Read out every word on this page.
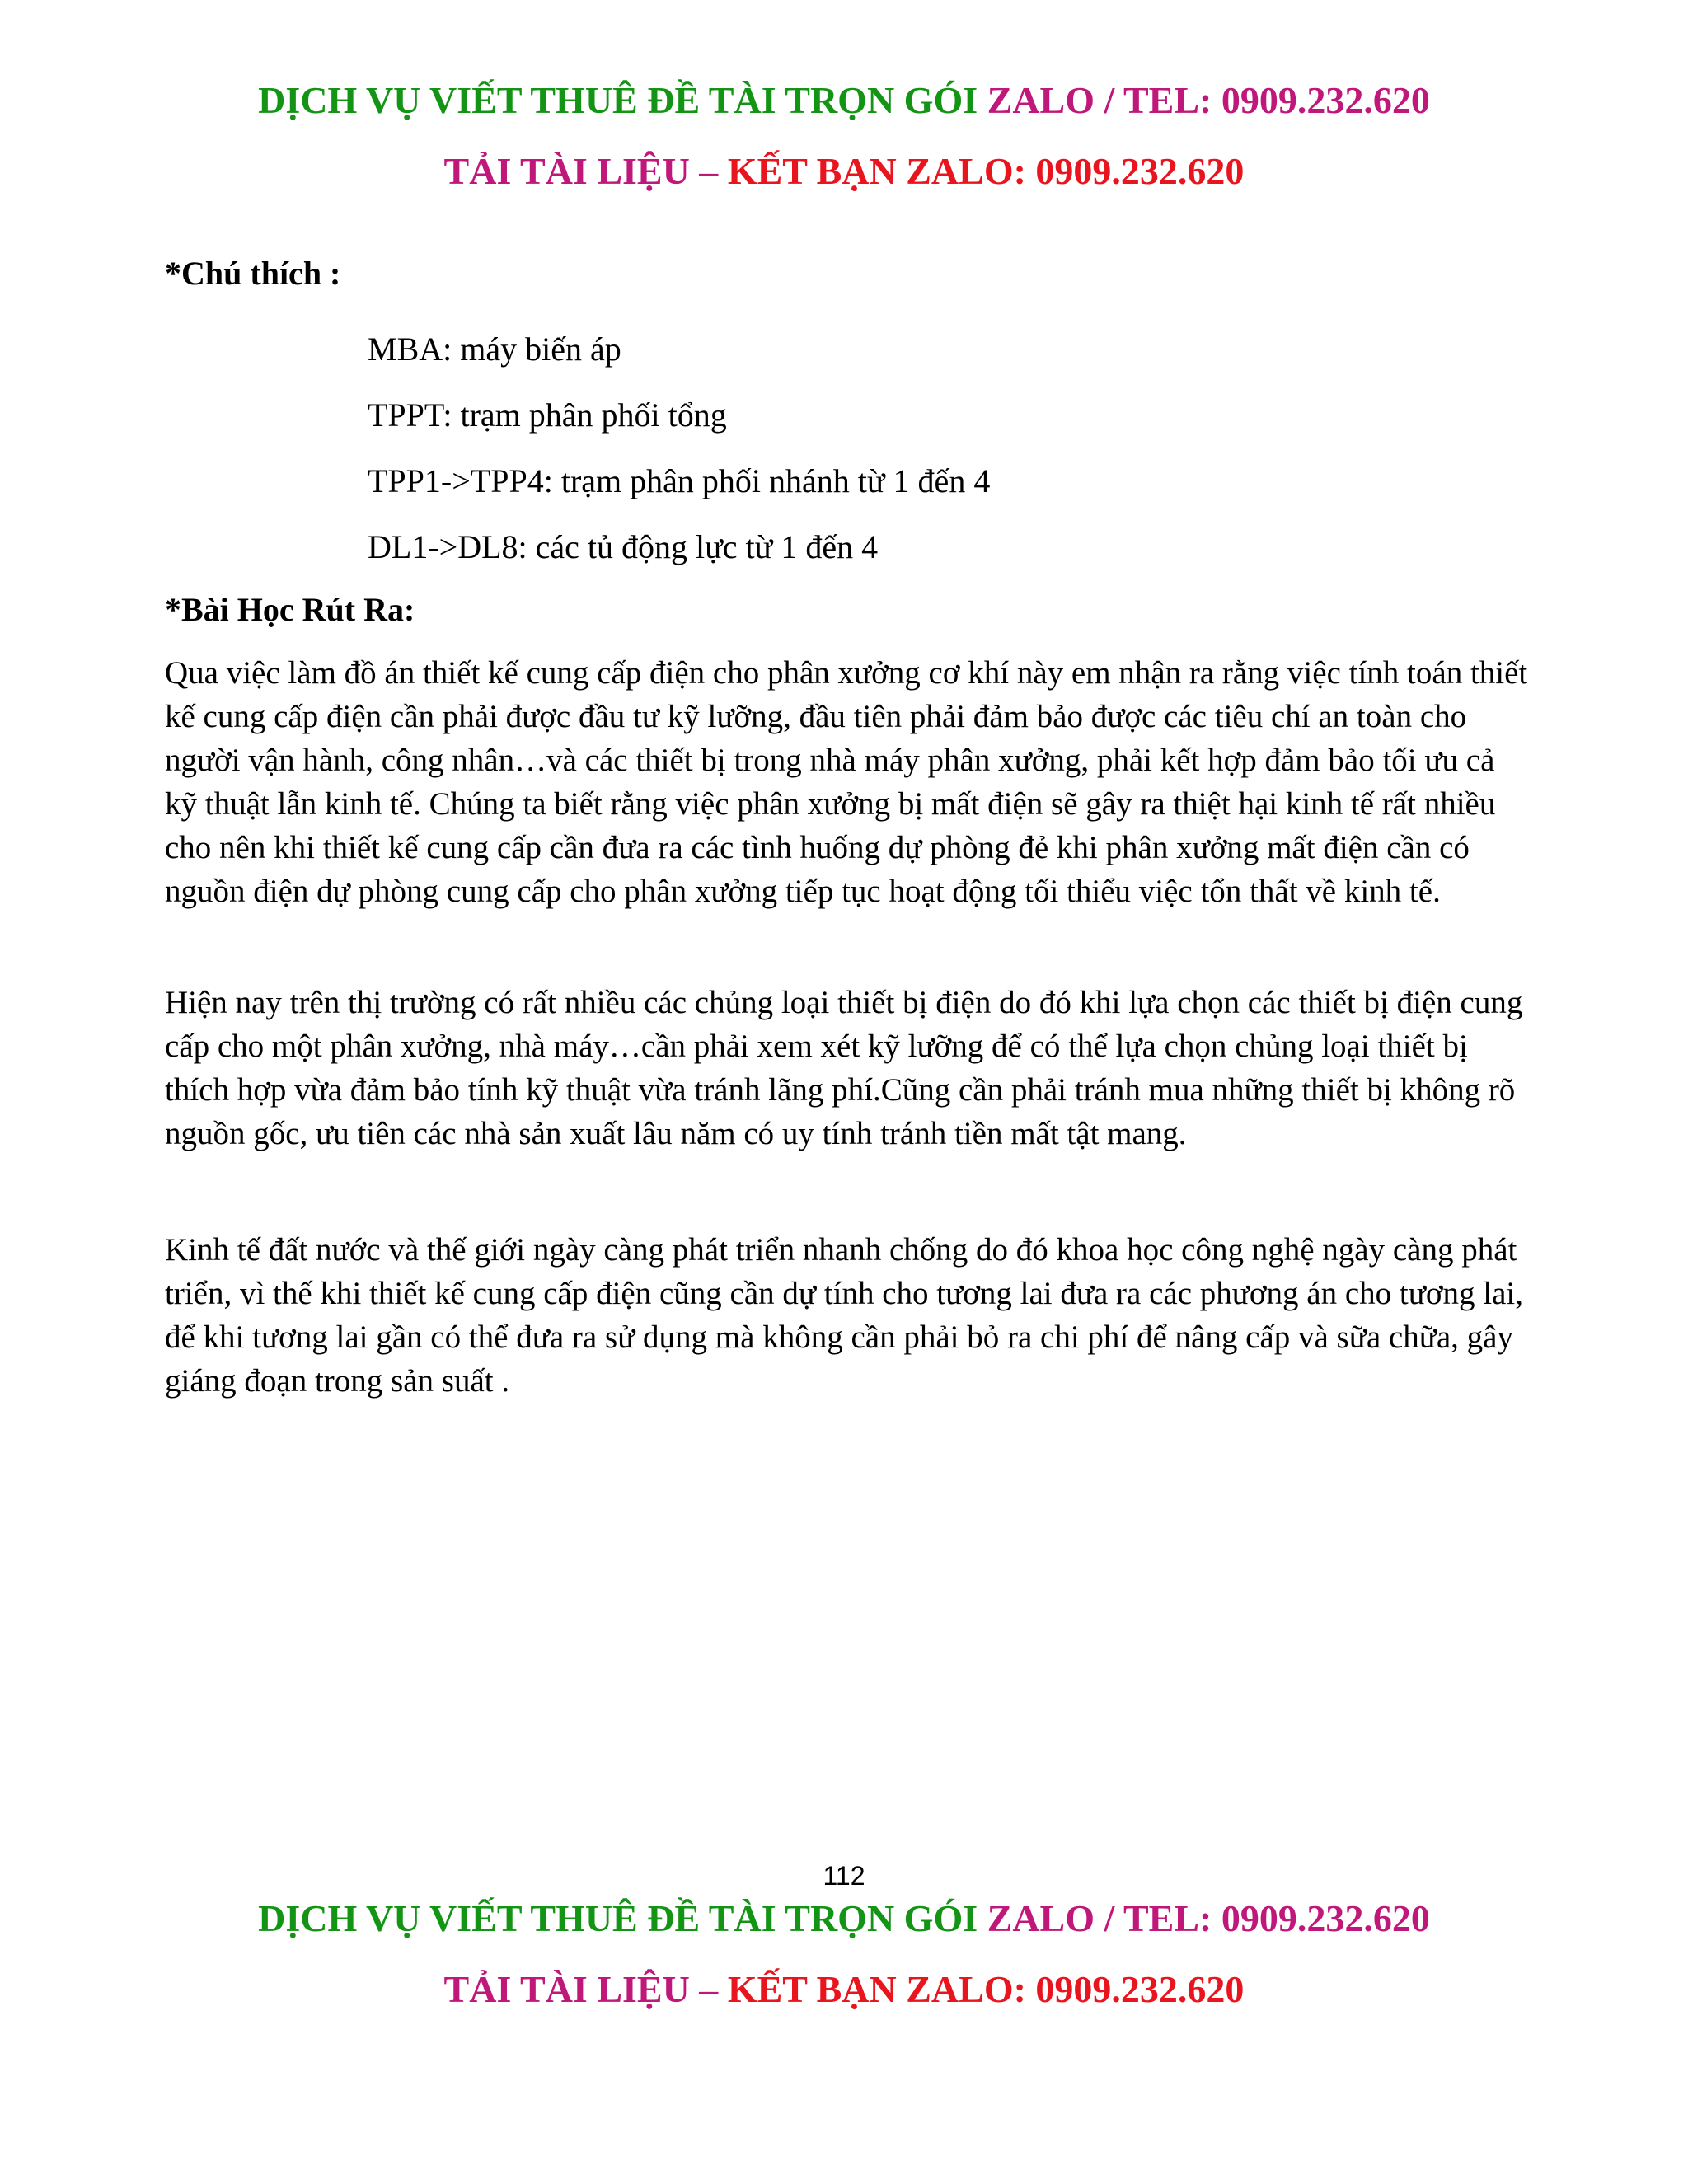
DỊCH VỤ VIẾT THUÊ ĐỀ TÀI TRỌN GÓI ZALO / TEL: 0909.232.620
TẢI TÀI LIỆU – KẾT BẠN ZALO: 0909.232.620
*Chú thích :
MBA: máy biến áp
TPPT: trạm phân phối tổng
TPP1->TPP4: trạm phân phối nhánh từ 1 đến 4
DL1->DL8: các tủ động lực từ 1 đến 4
*Bài Học Rút Ra:
Qua việc làm đồ án thiết kế cung cấp điện cho phân xưởng cơ khí này em nhận ra rằng việc tính toán thiết kế cung cấp điện cần phải được đầu tư kỹ lưỡng, đầu tiên phải đảm bảo được các tiêu chí an toàn cho người vận hành, công nhân…và các thiết bị trong nhà máy phân xưởng, phải kết hợp đảm bảo tối ưu cả kỹ thuật lẫn kinh tế. Chúng ta biết rằng việc phân xưởng bị mất điện sẽ gây ra thiệt hại kinh tế rất nhiều cho nên khi thiết kế cung cấp cần đưa ra các tình huống dự phòng đẻ khi phân xưởng mất điện cần có nguồn điện dự phòng cung cấp cho phân xưởng tiếp tục hoạt động tối thiểu việc tổn thất về kinh tế.
Hiện nay trên thị trường có rất nhiều các chủng loại thiết bị điện do đó khi lựa chọn các thiết bị điện cung cấp cho một phân xưởng, nhà máy…cần phải xem xét kỹ lưỡng để có thể lựa chọn chủng loại thiết bị thích hợp vừa đảm bảo tính kỹ thuật vừa tránh lãng phí.Cũng cần phải tránh mua những thiết bị không rõ nguồn gốc, ưu tiên các nhà sản xuất lâu năm có uy tính tránh tiền mất tật mang.
Kinh tế đất nước và thế giới ngày càng phát triển nhanh chống do đó khoa học công nghệ ngày càng phát triển, vì thế khi thiết kế cung cấp điện cũng cần dự tính cho tương lai đưa ra các phương án cho tương lai, để khi tương lai gần có thể đưa ra sử dụng mà không cần phải bỏ ra chi phí để nâng cấp và sữa chữa, gây giáng đoạn trong sản suất .
112
DỊCH VỤ VIẾT THUÊ ĐỀ TÀI TRỌN GÓI ZALO / TEL: 0909.232.620
TẢI TÀI LIỆU – KẾT BẠN ZALO: 0909.232.620
